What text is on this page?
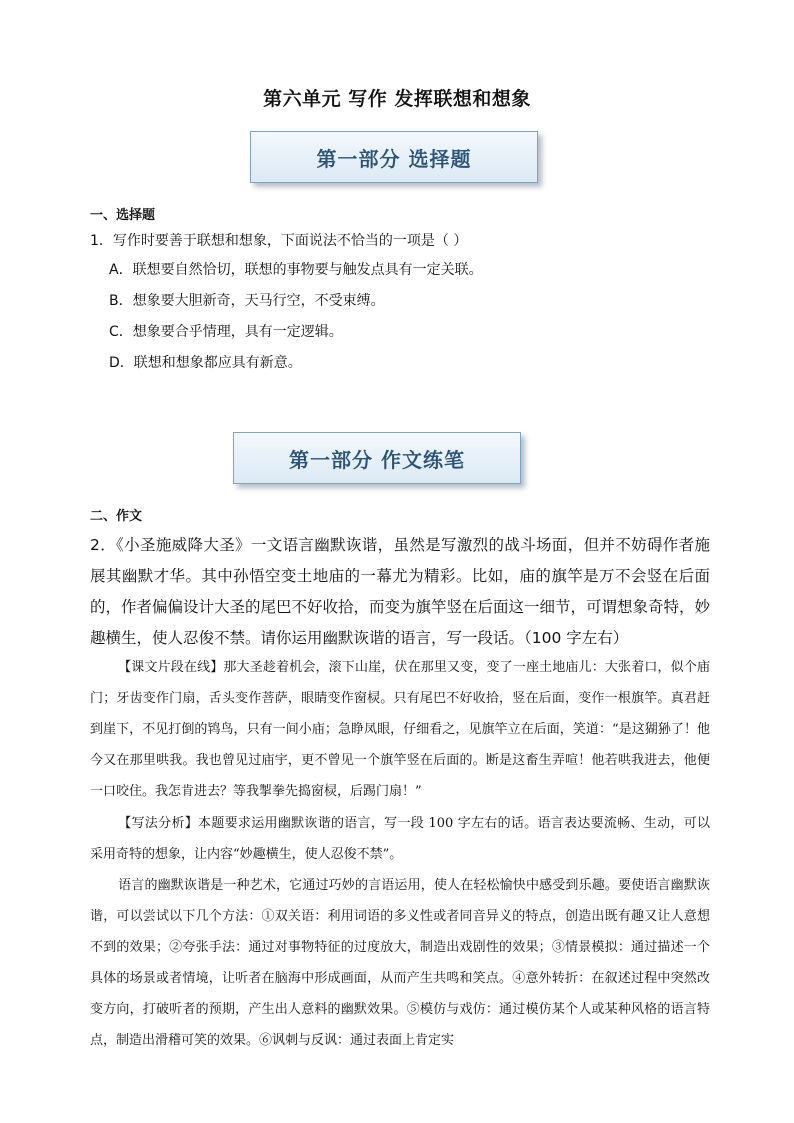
第六单元 写作 发挥联想和想象
第一部分 选择题
一、选择题
1．写作时要善于联想和想象，下面说法不恰当的一项是（ ）
A．联想要自然恰切，联想的事物要与触发点具有一定关联。
B．想象要大胆新奇，天马行空，不受束缚。
C．想象要合乎情理，具有一定逻辑。
D．联想和想象都应具有新意。
第一部分 作文练笔
二、作文

2．《小圣施威降大圣》一文语言幽默诙谐，虽然是写激烈的战斗场面，但并不妨碍作者施展其幽默才华。其中孙悟空变土地庙的一幕尤为精彩。比如，庙的旗竿是万不会竖在后面的，作者偏偏设计大圣的尾巴不好收拾，而变为旗竿竖在后面这一细节，可谓想象奇特，妙趣横生，使人忍俊不禁。请你运用幽默诙谐的语言，写一段话。（100 字左右）

【课文片段在线】那大圣趁着机会，滚下山崖，伏在那里又变，变了一座土地庙儿：大张着口，似个庙门；牙齿变作门扇，舌头变作菩萨，眼睛变作窗棂。只有尾巴不好收拾，竖在后面，变作一根旗竿。真君赶到崖下，不见打倒的鸨鸟，只有一间小庙；急睁凤眼，仔细看之，见旗竿立在后面，笑道：“是这猢狲了！他今又在那里哄我。我也曾见过庙宇，更不曾见一个旗竿竖在后面的。断是这畜生弄喧！他若哄我进去，他便一口咬住。我怎肯进去？等我掣拳先捣窗棂，后踢门扇！”

【写法分析】本题要求运用幽默诙谐的语言，写一段 100 字左右的话。语言表达要流畅、生动，可以采用奇特的想象，让内容“妙趣横生，使人忍俊不禁”。

语言的幽默诙谐是一种艺术，它通过巧妙的言语运用，使人在轻松愉快中感受到乐趣。要使语言幽默诙谐，可以尝试以下几个方法：①双关语：利用词语的多义性或者同音异义的特点，创造出既有趣又让人意想不到的效果；②夸张手法：通过对事物特征的过度放大，制造出戏剧性的效果；③情景模拟：通过描述一个具体的场景或者情境，让听者在脑海中形成画面，从而产生共鸣和笑点。④意外转折：在叙述过程中突然改变方向，打破听者的预期，产生出人意料的幽默效果。⑤模仿与戏仿：通过模仿某个人或某种风格的语言特点，制造出滑稽可笑的效果。⑥讽刺与反讽：通过表面上肯定实
